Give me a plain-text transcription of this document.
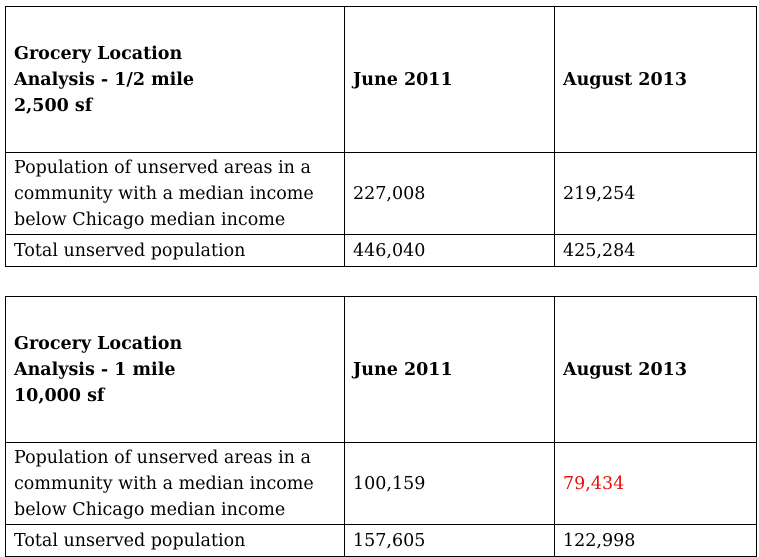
Grocery Location
Analysis - 1/2 mile
2,500 sf	June 2011	August 2013

Population of unserved areas in a
community with a median income
below Chicago median income	227,008	219,254
Total unserved population	446,040	425,284
Grocery Location
Analysis - 1 mile
10,000 sf	June 2011	August 2013

Population of unserved areas in a
community with a median income
below Chicago median income	100,159	79,434
Total unserved population	157,605	122,998
